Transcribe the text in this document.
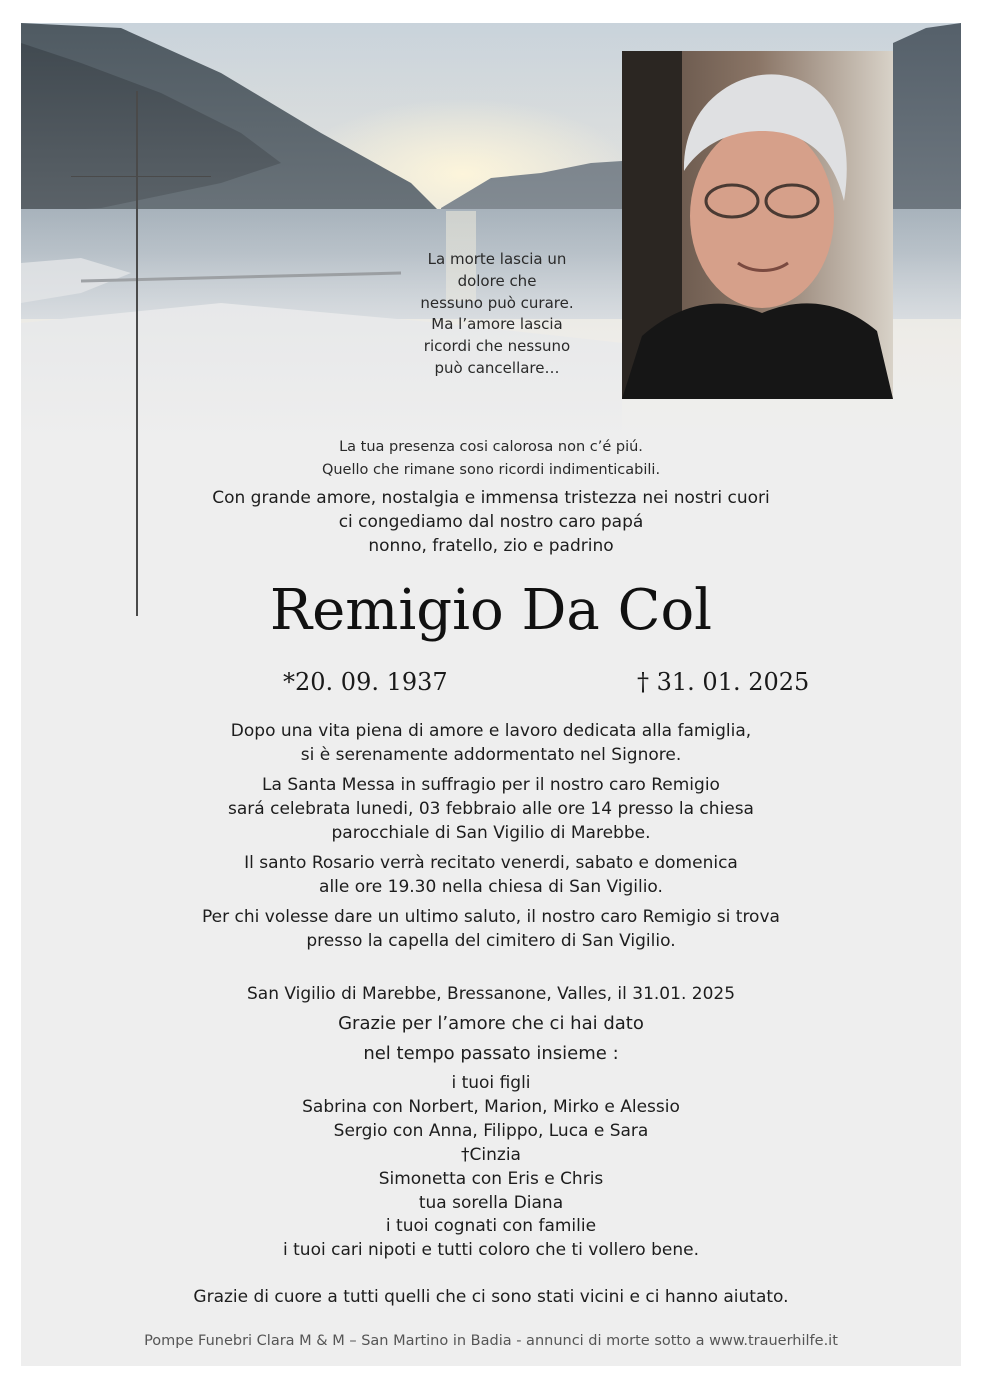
La morte lascia un
dolore che
nessuno può curare.
Ma l’amore lascia
ricordi che nessuno
può cancellare…
La tua presenza cosi calorosa non c’é piú.
Quello che rimane sono ricordi indimenticabili.
Con grande amore, nostalgia e immensa tristezza nei nostri cuori
ci congediamo dal nostro caro papá
nonno, fratello, zio e padrino
Remigio Da Col
*20. 09. 1937	† 31. 01. 2025
Dopo una vita piena di amore e lavoro dedicata alla famiglia,
si è serenamente addormentato nel Signore.
La Santa Messa in suffragio per il nostro caro Remigio
sará celebrata lunedi, 03 febbraio alle ore 14 presso la chiesa
parocchiale di San Vigilio di Marebbe.
Il santo Rosario verrà recitato venerdi, sabato e domenica
alle ore 19.30 nella chiesa di San Vigilio.
Per chi volesse dare un ultimo saluto, il nostro caro Remigio si trova
presso la capella del cimitero di San Vigilio.
San Vigilio di Marebbe, Bressanone, Valles, il 31.01. 2025
Grazie per l’amore che ci hai dato
nel tempo passato insieme :
i tuoi figli
Sabrina con Norbert, Marion, Mirko e Alessio
Sergio con Anna, Filippo, Luca e Sara
†Cinzia
Simonetta con Eris e Chris
tua sorella Diana
i tuoi cognati con familie
i tuoi cari nipoti e tutti coloro che ti vollero bene.
Grazie di cuore a tutti quelli che ci sono stati vicini e ci hanno aiutato.
Pompe Funebri Clara M & M – San Martino in Badia - annunci di morte sotto a www.trauerhilfe.it
